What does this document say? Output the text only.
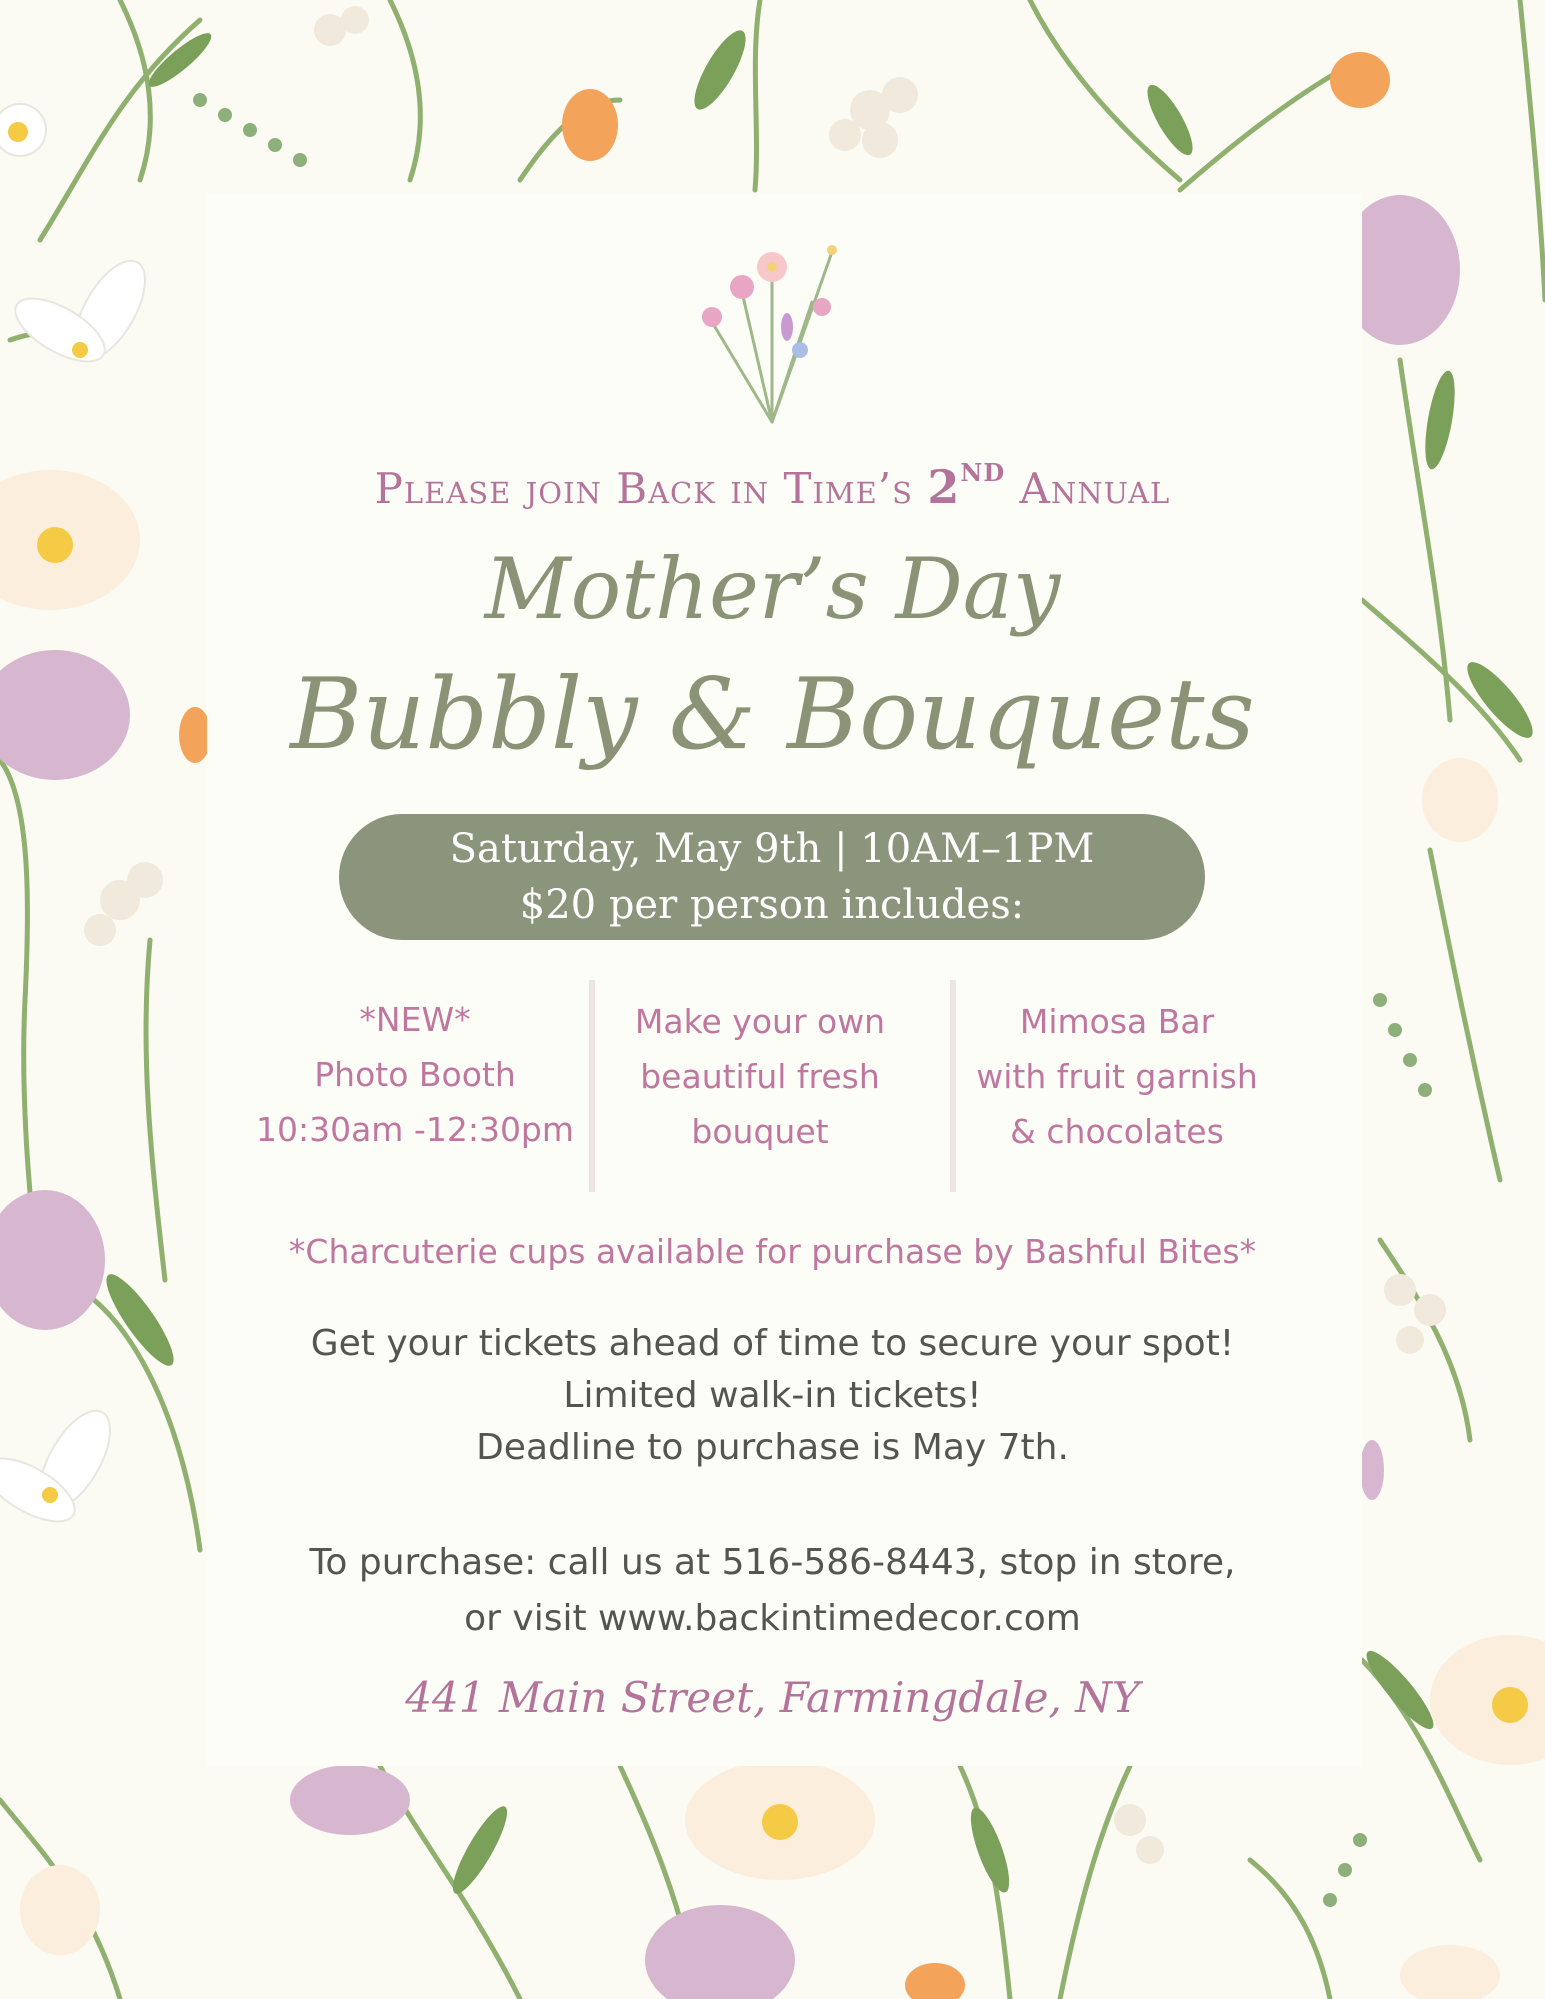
Please join Back in Time’s 2ND Annual

Mother’s Day

Bubbly & Bouquets

Saturday, May 9th | 10AM–1PM
$20 per person includes:

*NEW*

Photo Booth

10:30am -12:30pm

Make your own

beautiful fresh

bouquet

Mimosa Bar

with fruit garnish

& chocolates

*Charcuterie cups available for purchase by Bashful Bites*

Get your tickets ahead of time to secure your spot!
Limited walk-in tickets!
Deadline to purchase is May 7th.
To purchase: call us at 516-586-8443, stop in store,
or visit www.backintimedecor.com

441 Main Street, Farmingdale, NY
